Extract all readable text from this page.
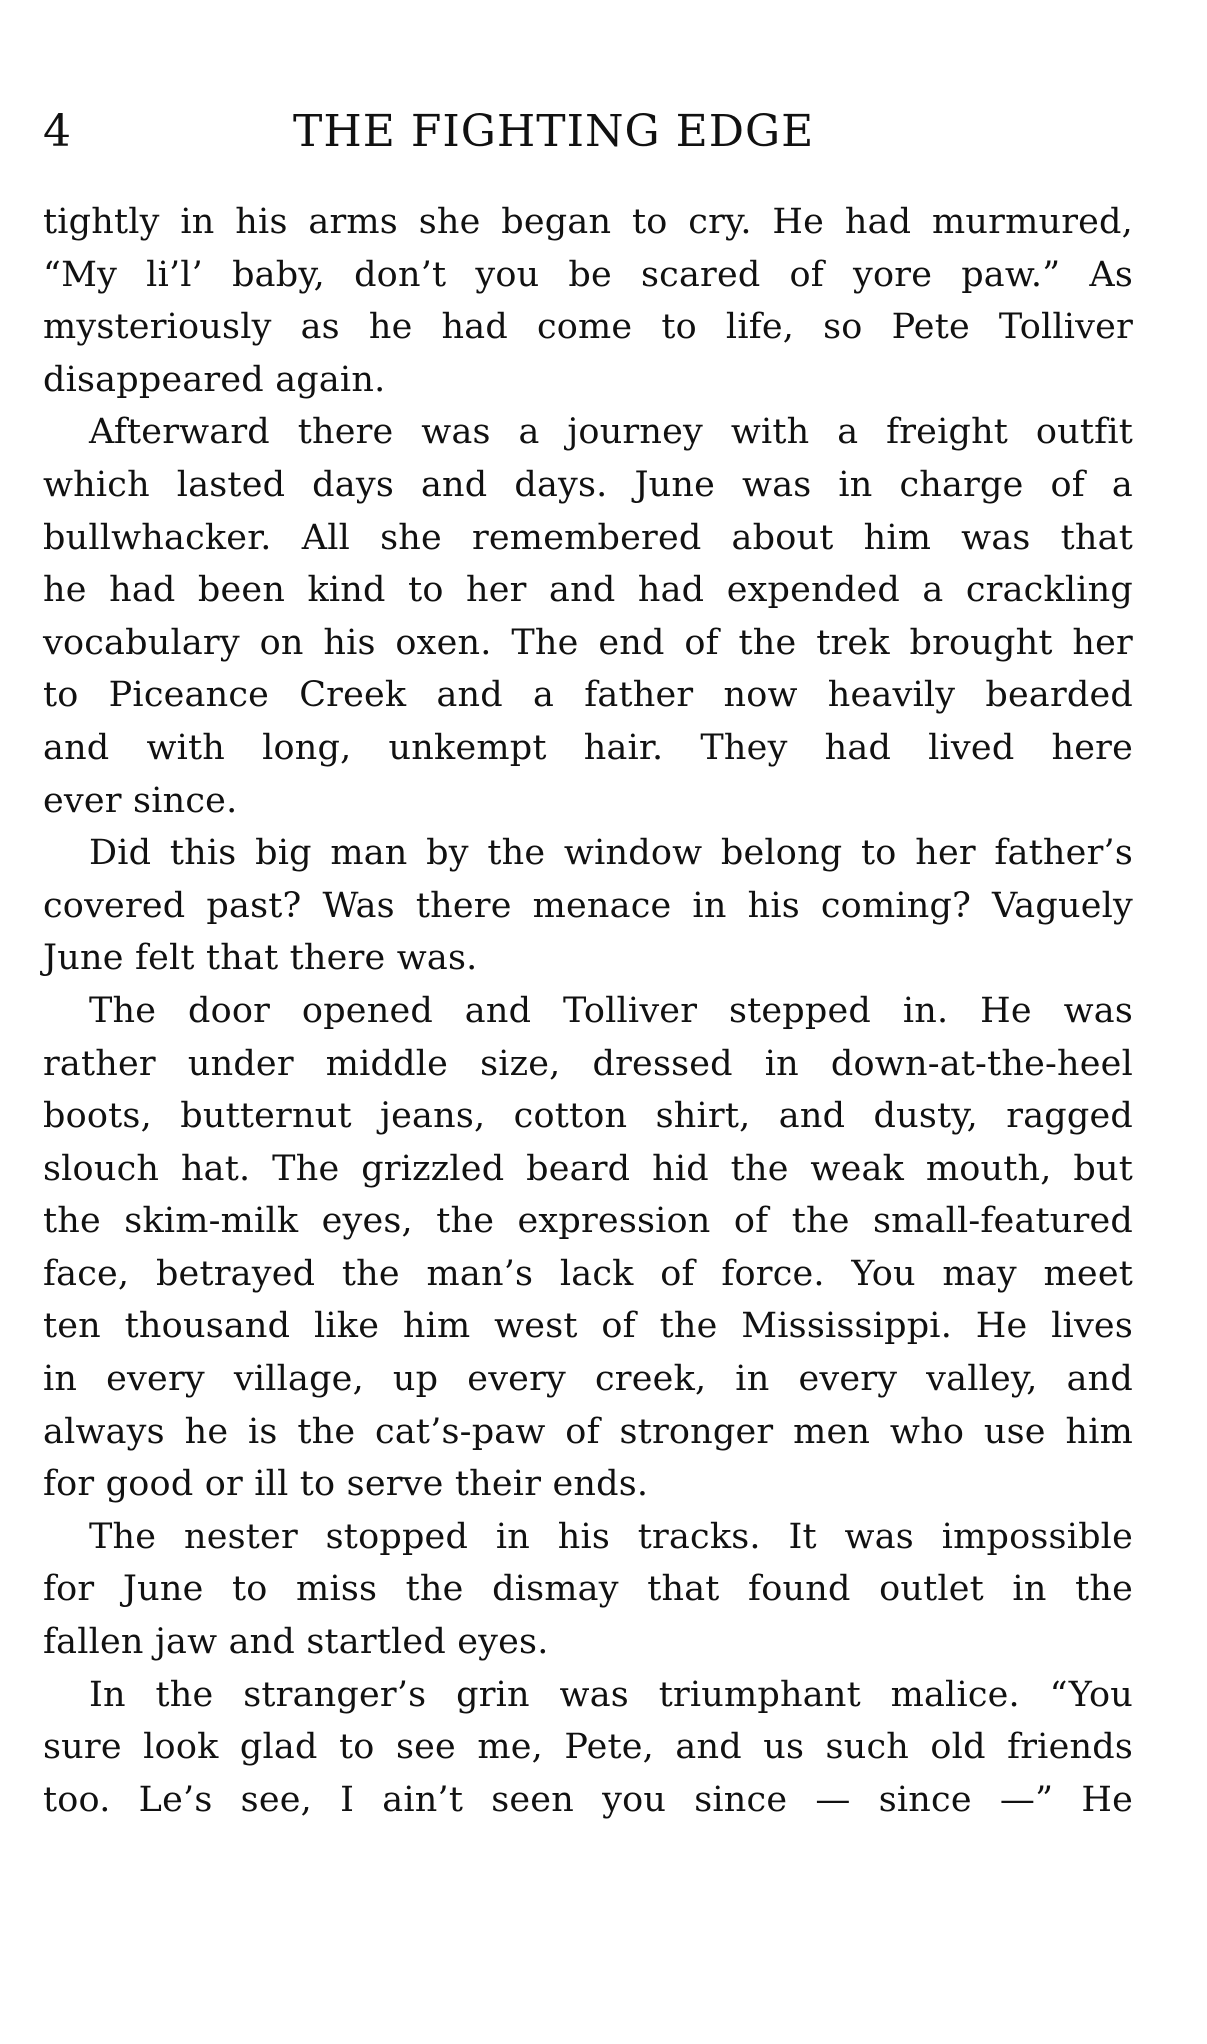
4	THE FIGHTING EDGE
tightly in his arms she began to cry. He had murmured,
“My li’l’ baby, don’t you be scared of yore paw.” As
mysteriously as he had come to life, so Pete Tolliver
disappeared again.
Afterward there was a journey with a freight outfit
which lasted days and days. June was in charge of a
bullwhacker. All she remembered about him was that
he had been kind to her and had expended a crackling
vocabulary on his oxen. The end of the trek brought her
to Piceance Creek and a father now heavily bearded
and with long, unkempt hair. They had lived here
ever since.
Did this big man by the window belong to her father’s
covered past? Was there menace in his coming? Vaguely
June felt that there was.
The door opened and Tolliver stepped in. He was
rather under middle size, dressed in down-at-the-heel
boots, butternut jeans, cotton shirt, and dusty, ragged
slouch hat. The grizzled beard hid the weak mouth, but
the skim-milk eyes, the expression of the small-featured
face, betrayed the man’s lack of force. You may meet
ten thousand like him west of the Mississippi. He lives
in every village, up every creek, in every valley, and
always he is the cat’s-paw of stronger men who use him
for good or ill to serve their ends.
The nester stopped in his tracks. It was impossible
for June to miss the dismay that found outlet in the
fallen jaw and startled eyes.
In the stranger’s grin was triumphant malice. “You
sure look glad to see me, Pete, and us such old friends
too. Le’s see, I ain’t seen you since — since —” He
